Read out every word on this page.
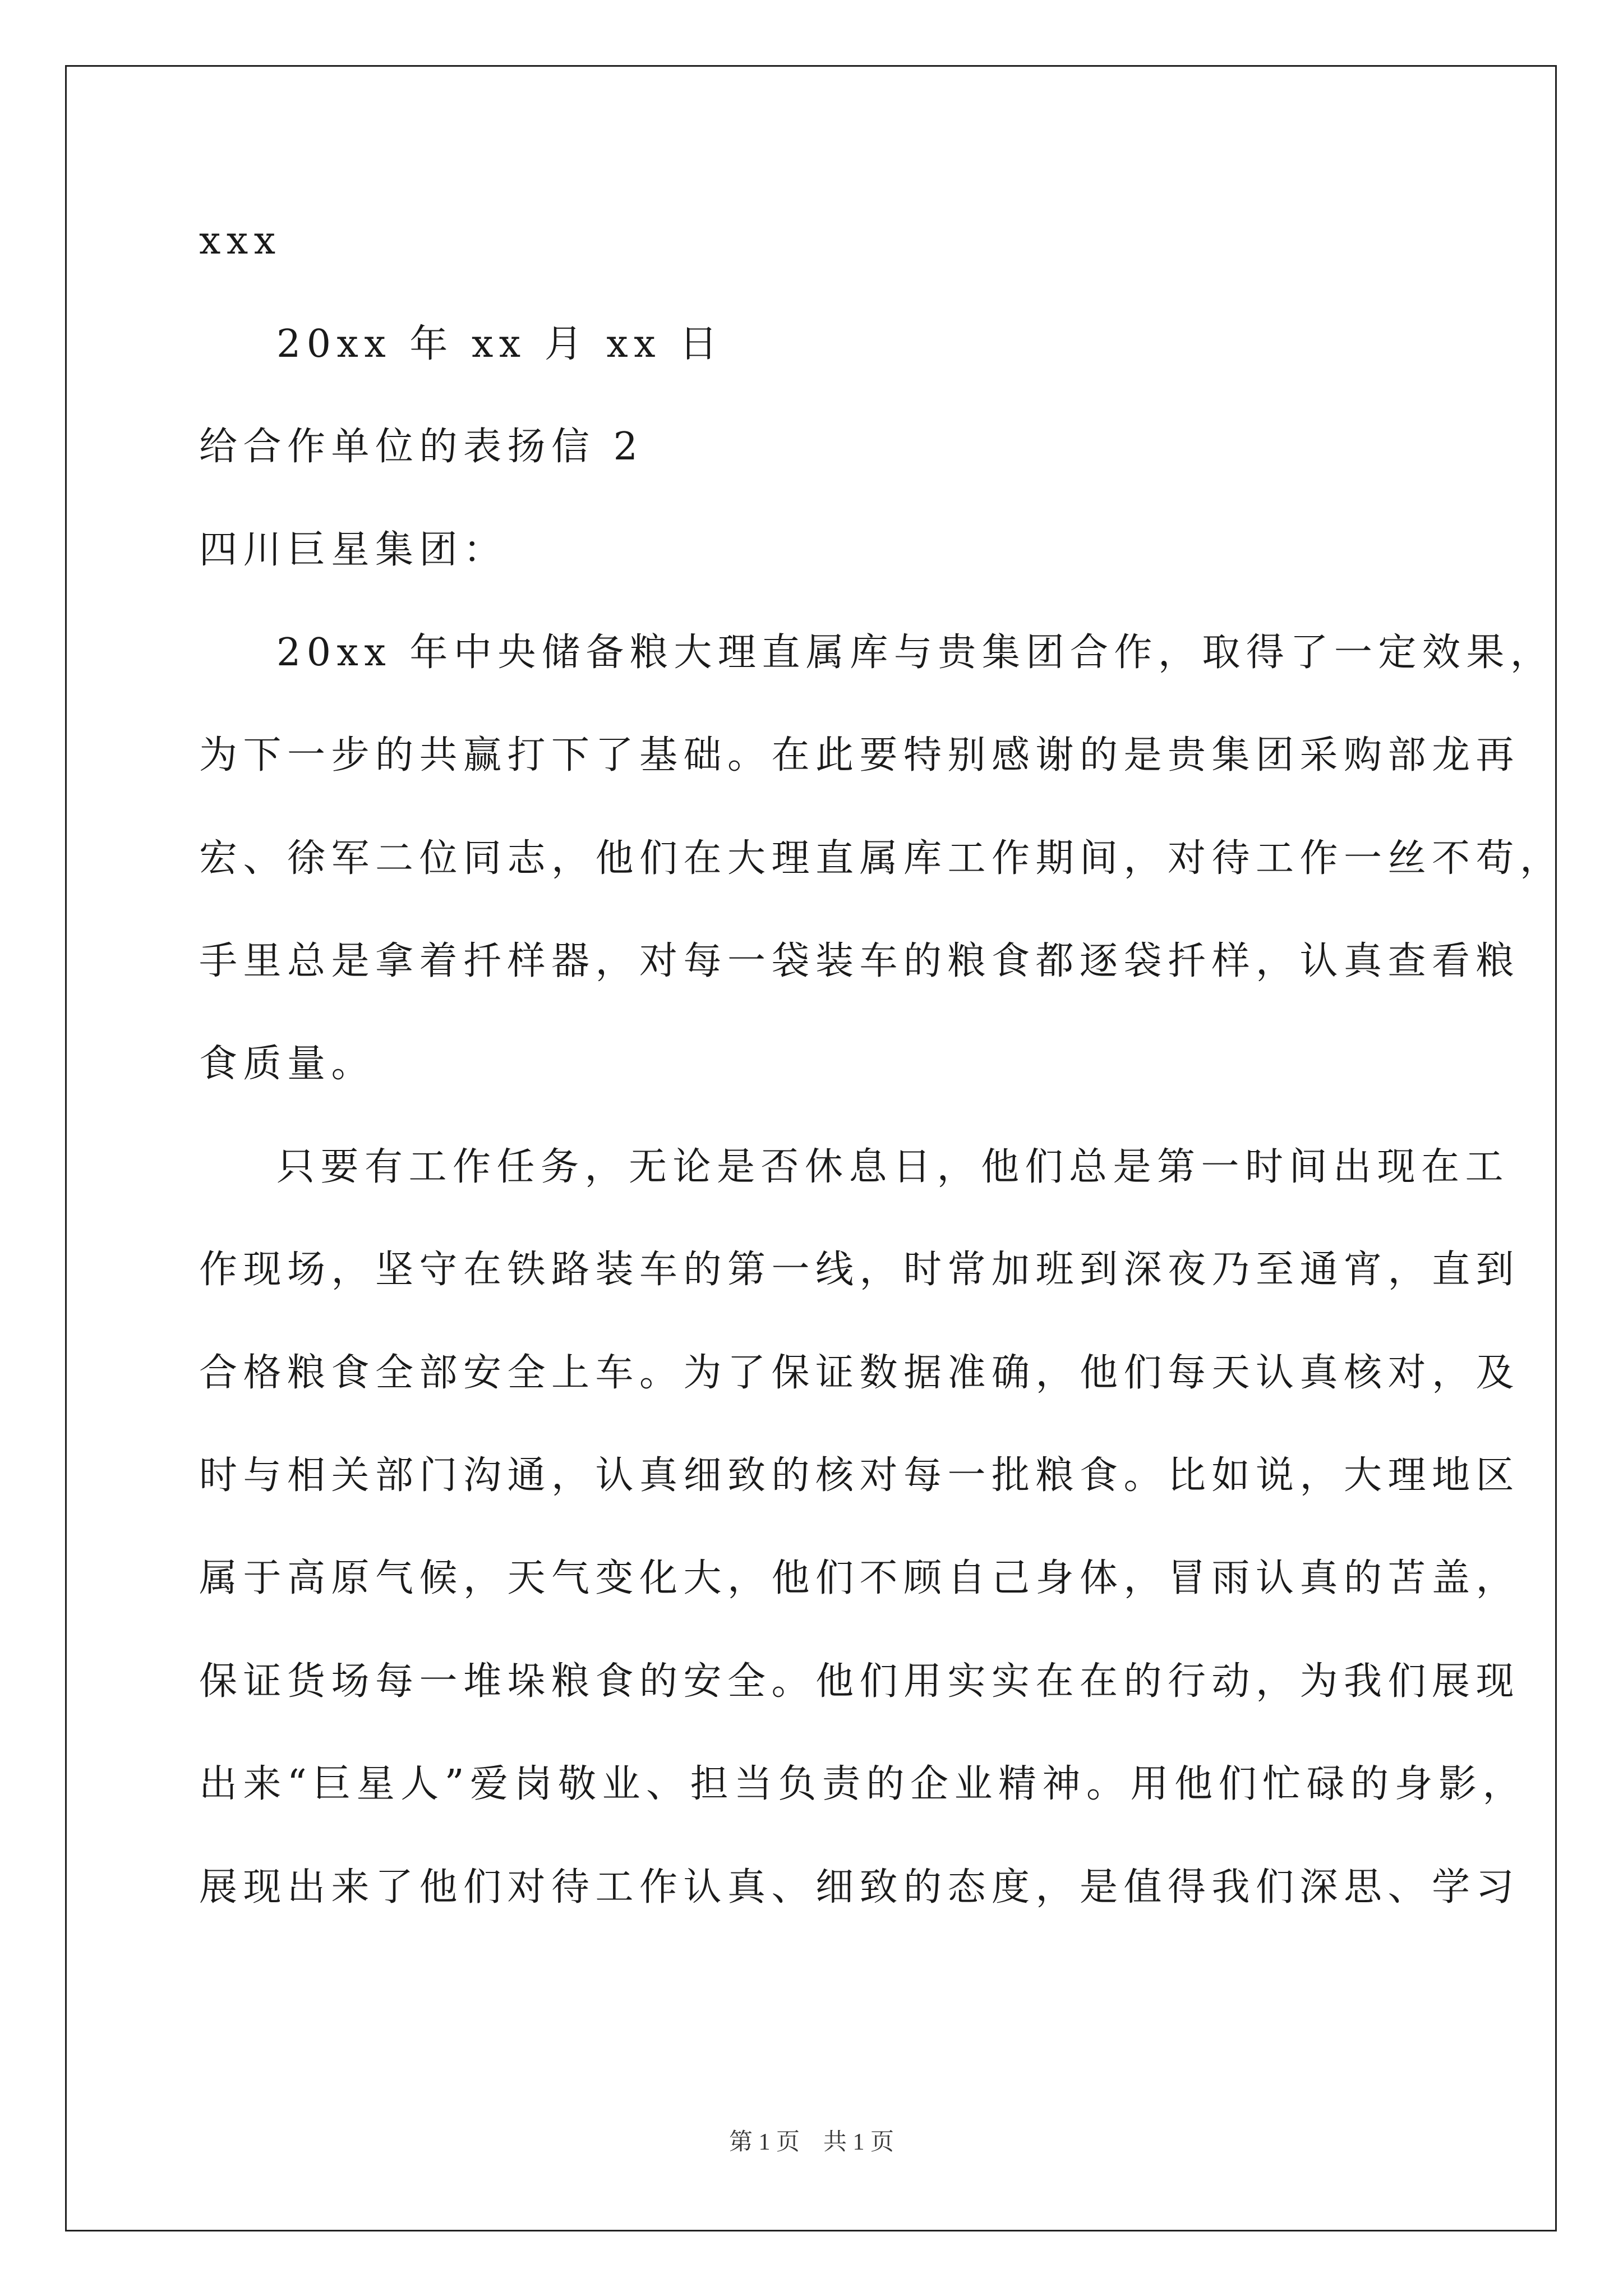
xxx
20xx 年 xx 月 xx 日
给合作单位的表扬信 2
四川巨星集团：
20xx 年中央储备粮大理直属库与贵集团合作，取得了一定效果，
为下一步的共赢打下了基础。在此要特别感谢的是贵集团采购部龙再
宏、徐军二位同志，他们在大理直属库工作期间，对待工作一丝不苟，
手里总是拿着扦样器，对每一袋装车的粮食都逐袋扦样，认真查看粮
食质量。
只要有工作任务，无论是否休息日，他们总是第一时间出现在工
作现场，坚守在铁路装车的第一线，时常加班到深夜乃至通宵，直到
合格粮食全部安全上车。为了保证数据准确，他们每天认真核对，及
时与相关部门沟通，认真细致的核对每一批粮食。比如说，大理地区
属于高原气候，天气变化大，他们不顾自己身体，冒雨认真的苫盖，
保证货场每一堆垛粮食的安全。他们用实实在在的行动，为我们展现
出来“巨星人”爱岗敬业、担当负责的企业精神。用他们忙碌的身影，
展现出来了他们对待工作认真、细致的态度，是值得我们深思、学习
第 1 页    共 1 页
